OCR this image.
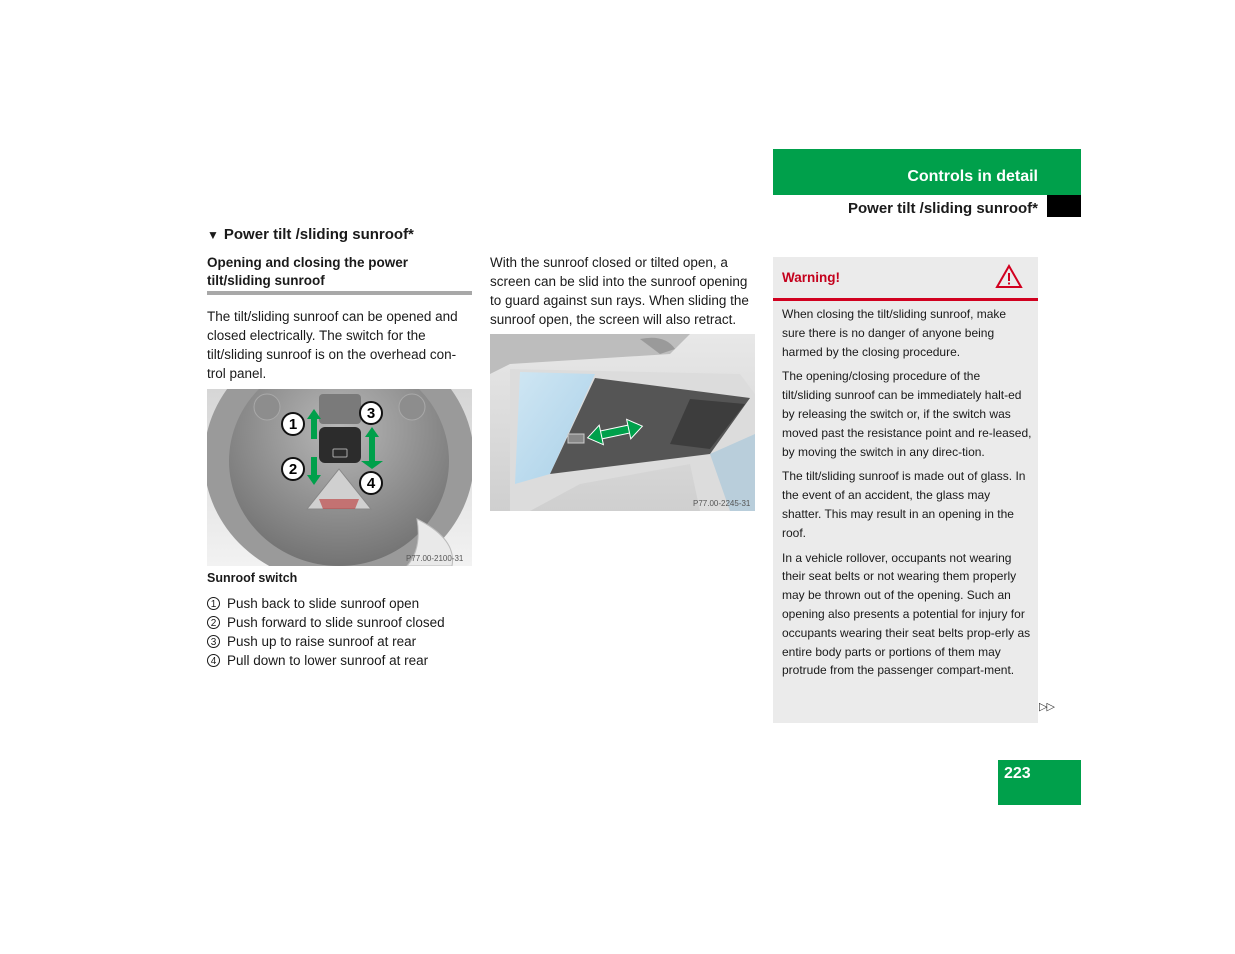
Controls in detail
Power tilt /sliding sunroof*
▼ Power tilt /sliding sunroof*
Opening and closing the power tilt/sliding sunroof
The tilt/sliding sunroof can be opened and closed electrically. The switch for the tilt/sliding sunroof is on the overhead con-trol panel.
1
2
3
4
P77.00-2100-31
Sunroof switch
1 Push back to slide sunroof open
2 Push forward to slide sunroof closed
3 Push up to raise sunroof at rear
4 Pull down to lower sunroof at rear
With the sunroof closed or tilted open, a screen can be slid into the sunroof opening to guard against sun rays. When sliding the sunroof open, the screen will also retract.
P77.00-2245-31
Warning!

When closing the tilt/sliding sunroof, make sure there is no danger of anyone being harmed by the closing procedure.

The opening/closing procedure of the tilt/sliding sunroof can be immediately halt-ed by releasing the switch or, if the switch was moved past the resistance point and re-leased, by moving the switch in any direc-tion.

The tilt/sliding sunroof is made out of glass. In the event of an accident, the glass may shatter. This may result in an opening in the roof.

In a vehicle rollover, occupants not wearing their seat belts or not wearing them properly may be thrown out of the opening. Such an opening also presents a potential for injury for occupants wearing their seat belts prop-erly as entire body parts or portions of them may protrude from the passenger compart-ment.

▷▷
223
